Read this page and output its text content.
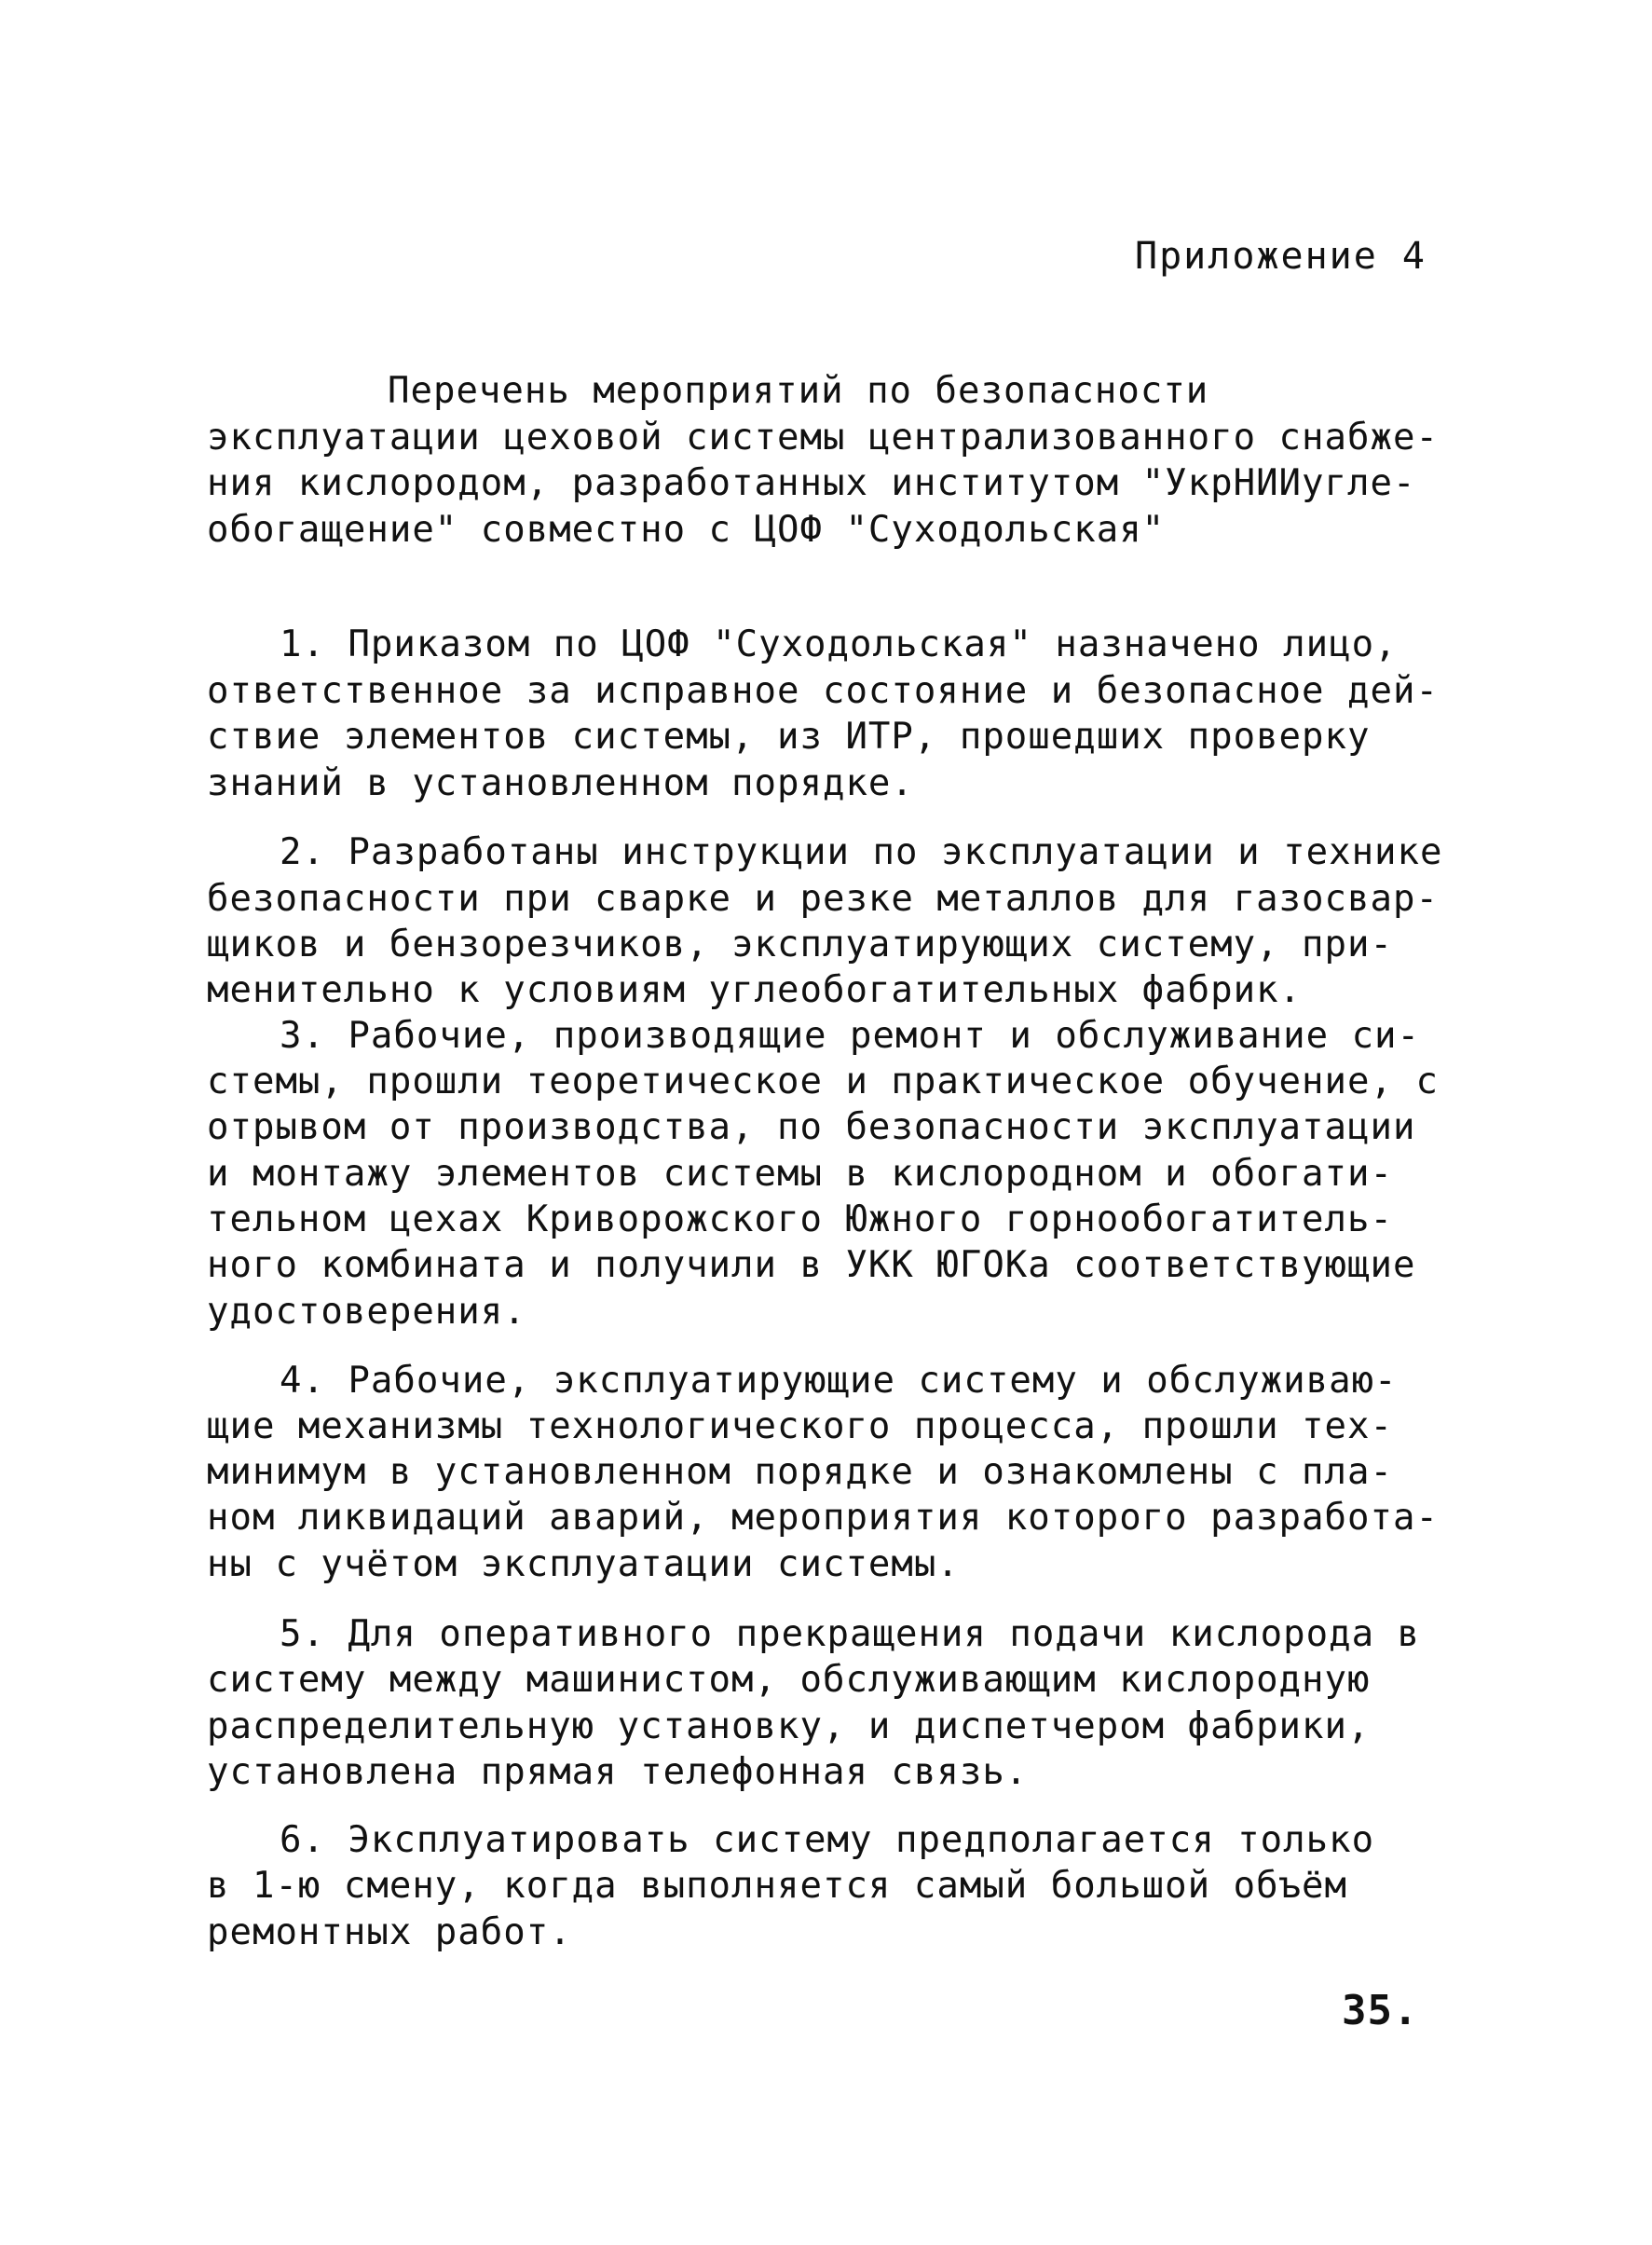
Приложение 4
Перечень мероприятий по безопасности
эксплуатации цеховой системы централизованного снабже-
ния кислородом, разработанных институтом "УкрНИИугле-
обогащение" совместно с ЦОФ "Суходольская"
1. Приказом по ЦОФ "Суходольская" назначено лицо,
ответственное за исправное состояние и безопасное дей-
ствие элементов системы, из ИТР, прошедших проверку
знаний в установленном порядке.
2. Разработаны инструкции по эксплуатации и технике
безопасности при сварке и резке металлов для газосвар-
щиков и бензорезчиков, эксплуатирующих систему, при-
менительно к условиям углеобогатительных фабрик.
3. Рабочие, производящие ремонт и обслуживание си-
стемы, прошли теоретическое и практическое обучение, с
отрывом от производства, по безопасности эксплуатации
и монтажу элементов системы в кислородном и обогати-
тельном цехах Криворожского Южного горнообогатитель-
ного комбината и получили в УКК ЮГОКа соответствующие
удостоверения.
4. Рабочие, эксплуатирующие систему и обслуживаю-
щие механизмы технологического процесса, прошли тех-
минимум в установленном порядке и ознакомлены с пла-
ном ликвидаций аварий, мероприятия которого разработа-
ны с учётом эксплуатации системы.
5. Для оперативного прекращения подачи кислорода в
систему между машинистом, обслуживающим кислородную
распределительную установку, и диспетчером фабрики,
установлена прямая телефонная связь.
6. Эксплуатировать систему предполагается только
в 1-ю смену, когда выполняется самый большой объём
ремонтных работ.
35.
